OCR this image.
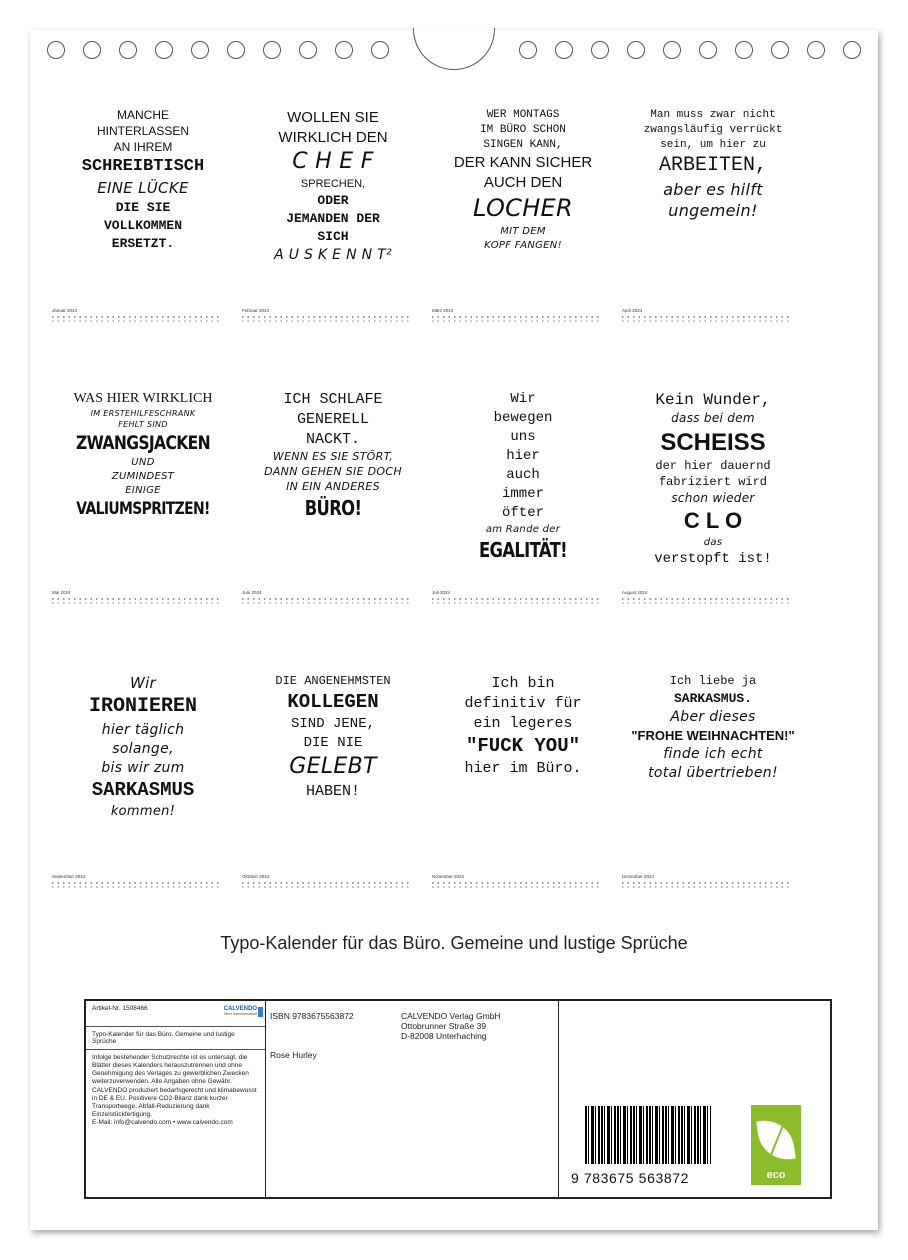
MANCHE
HINTERLASSEN
AN IHREM
SCHREIBTISCH
EINE LÜCKE
DIE SIE
VOLLKOMMEN
ERSETZT.
Januar 2024
WOLLEN SIE
WIRKLICH DEN
C H E F
SPRECHEN,
ODER
JEMANDEN DER
SICH
A U S K E N N T²
Februar 2024
WER MONTAGS
IM BÜRO SCHON
SINGEN KANN,
DER KANN SICHER
AUCH DEN
LOCHER
MIT DEM
KOPF FANGEN!
März 2024
Man muss zwar nicht
zwangsläufig verrückt
sein, um hier zu
ARBEITEN,
aber es hilft
ungemein!
April 2024
WAS HIER WIRKLICH
IM ERSTEHILFESCHRANK
FEHLT SIND
ZWANGSJACKEN
UND
ZUMINDEST
EINIGE
VALIUMSPRITZEN!
Mai 2024
ICH SCHLAFE
GENERELL
NACKT.
WENN ES SIE STÖRT,
DANN GEHEN SIE DOCH
IN EIN ANDERES
BÜRO!
Juni 2024
Wir
bewegen
uns
hier
auch
immer
öfter
am Rande der
EGALITÄT!
Juli 2024
Kein Wunder,
dass bei dem
SCHEISS
der hier dauernd
fabriziert wird
schon wieder
C L O
das
verstopft ist!
August 2024
Wir
IRONIEREN
hier täglich
solange,
bis wir zum
SARKASMUS
kommen!
September 2024
DIE ANGENEHMSTEN
KOLLEGEN
SIND JENE,
DIE NIE
GELEBT
HABEN!
Oktober 2024
Ich bin
definitiv für
ein legeres
"FUCK YOU"
hier im Büro.
November 2024
Ich liebe ja
SARKASMUS.
Aber dieses
"FROHE WEIHNACHTEN!"
finde ich echt
total übertrieben!
Dezember 2024
Typo-Kalender für das Büro. Gemeine und lustige Sprüche
Artikel-Nr. 1508466	CALVENDO
Mehr Kalendervielfalt
Typo-Kalender für das Büro. Gemeine und lustige Sprüche
Infolge bestehender Schutzrechte ist es untersagt, die Blätter dieses Kalenders herauszutrennen und ohne Genehmigung des Verlages zu gewerblichen Zwecken weiterzuverwenden. Alle Angaben ohne Gewähr. CALVENDO produziert bedarfsgerecht und klimabewusst in DE & EU. Positivere CO2-Bilanz dank kurzer Transportwege. Abfall-Reduzierung dank Einzelstückfertigung.
E-Mail: info@calvendo.com • www.calvendo.com
ISBN 9783675563872
Rose Hurley
CALVENDO Verlag GmbH
Ottobrunner Straße 39
D-82008 Unterhaching
9 783675 563872	eco
